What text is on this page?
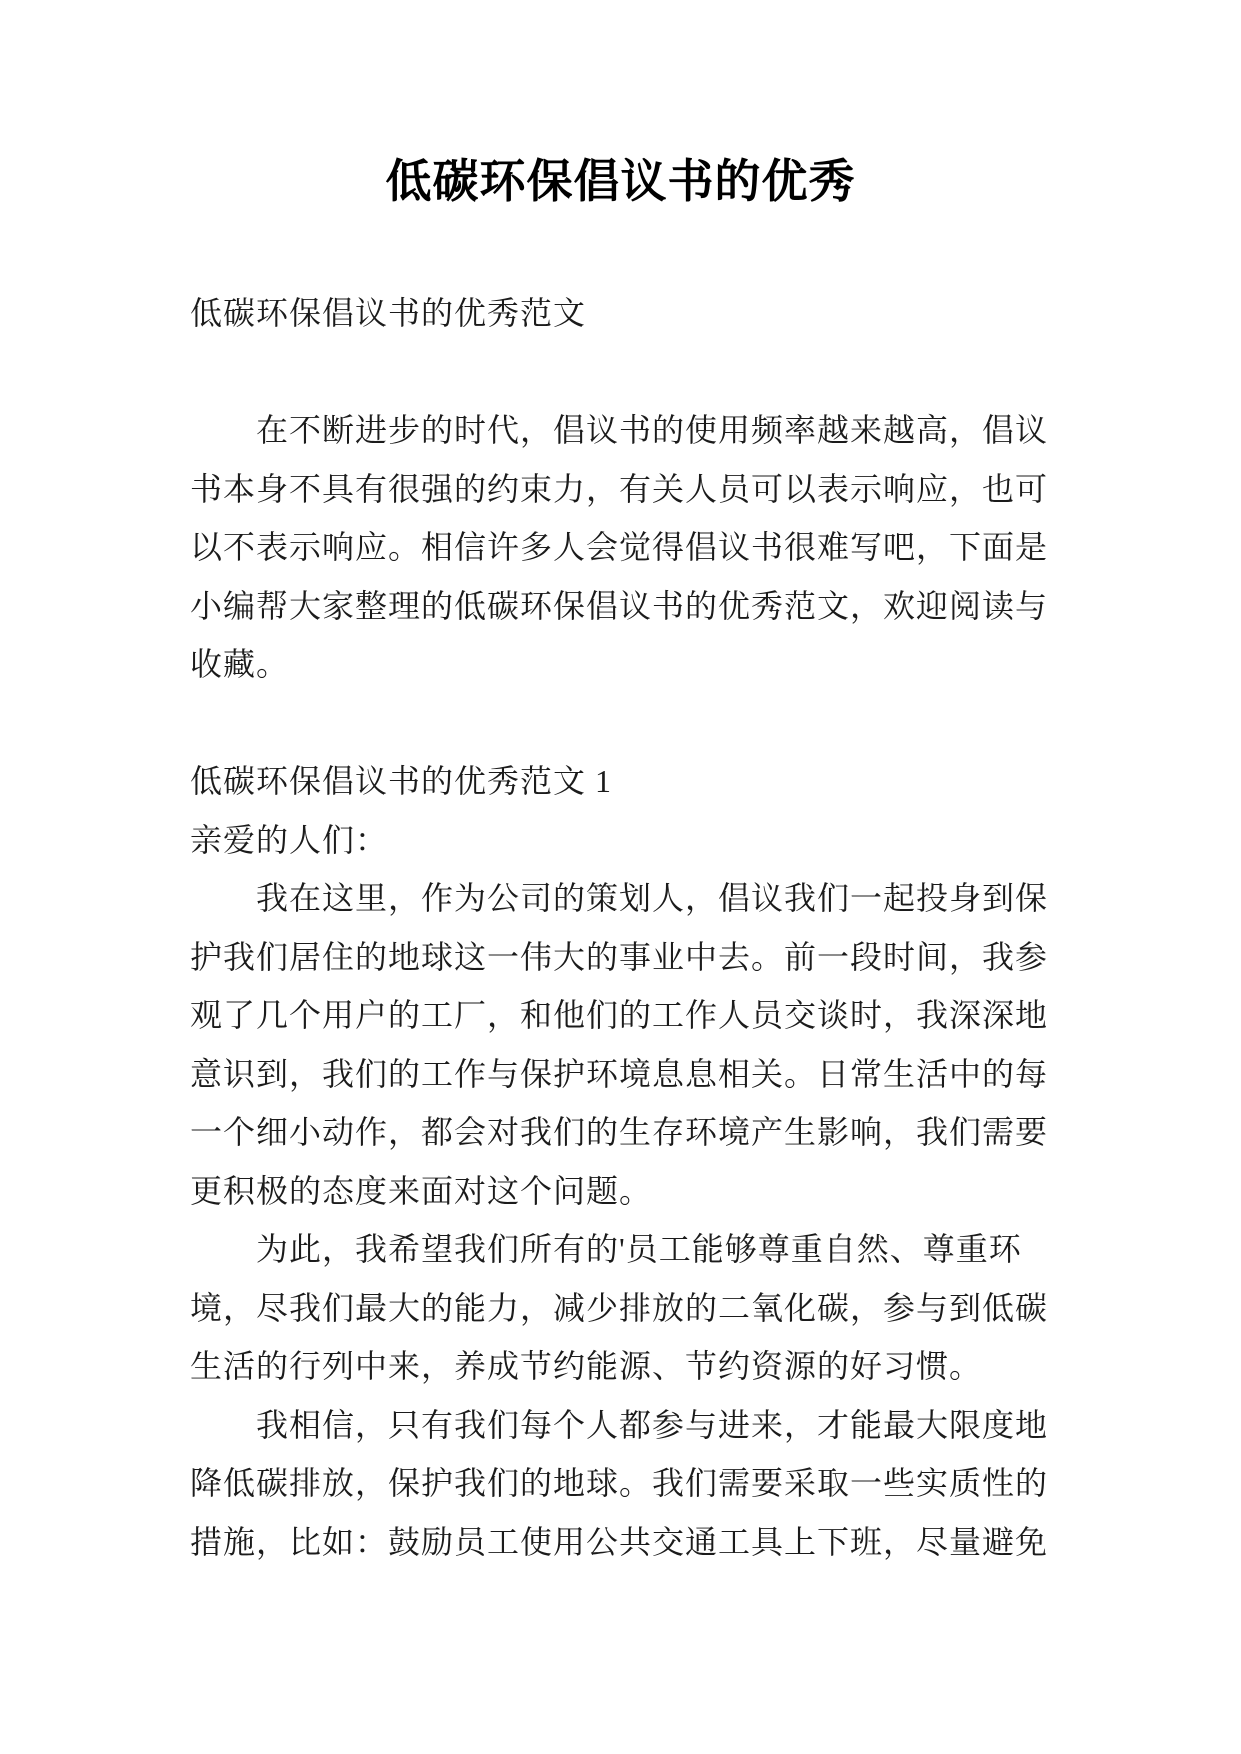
低碳环保倡议书的优秀
低碳环保倡议书的优秀范文
在不断进步的时代，倡议书的使用频率越来越高，倡议
书本身不具有很强的约束力，有关人员可以表示响应，也可
以不表示响应。相信许多人会觉得倡议书很难写吧，下面是
小编帮大家整理的低碳环保倡议书的优秀范文，欢迎阅读与
收藏。
低碳环保倡议书的优秀范文 1
亲爱的人们：
我在这里，作为公司的策划人，倡议我们一起投身到保
护我们居住的地球这一伟大的事业中去。前一段时间，我参
观了几个用户的工厂，和他们的工作人员交谈时，我深深地
意识到，我们的工作与保护环境息息相关。日常生活中的每
一个细小动作，都会对我们的生存环境产生影响，我们需要
更积极的态度来面对这个问题。
为此，我希望我们所有的'员工能够尊重自然、尊重环
境，尽我们最大的能力，减少排放的二氧化碳，参与到低碳
生活的行列中来，养成节约能源、节约资源的好习惯。
我相信，只有我们每个人都参与进来，才能最大限度地
降低碳排放，保护我们的地球。我们需要采取一些实质性的
措施，比如：鼓励员工使用公共交通工具上下班，尽量避免
